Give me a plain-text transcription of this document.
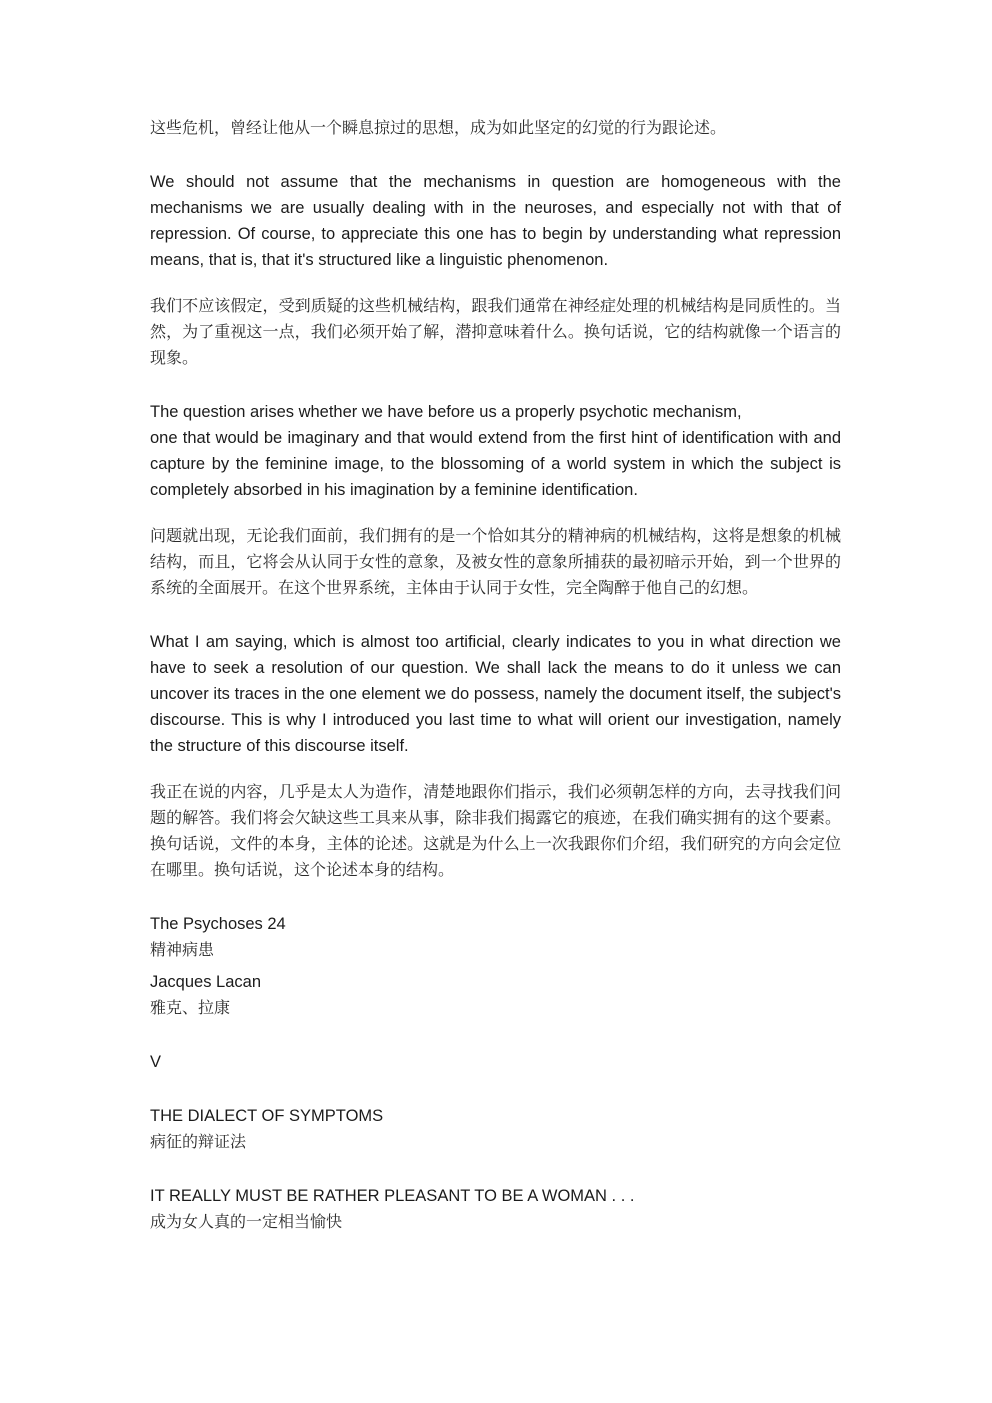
这些危机，曾经让他从一个瞬息掠过的思想，成为如此坚定的幻觉的行为跟论述。

We should not assume that the mechanisms in question are homogeneous with the mechanisms we are usually dealing with in the neuroses, and especially not with that of repression. Of course, to appreciate this one has to begin by understanding what repression means, that is, that it's structured like a linguistic phenomenon.

我们不应该假定，受到质疑的这些机械结构，跟我们通常在神经症处理的机械结构是同质性的。当然，为了重视这一点，我们必须开始了解，潜抑意味着什么。换句话说，它的结构就像一个语言的现象。

The question arises whether we have before us a properly psychotic mechanism,
one that would be imaginary and that would extend from the first hint of identification with and capture by the feminine image, to the blossoming of a world system in which the subject is completely absorbed in his imagination by a feminine identification.

问题就出现，无论我们面前，我们拥有的是一个恰如其分的精神病的机械结构，这将是想象的机械结构，而且，它将会从认同于女性的意象，及被女性的意象所捕获的最初暗示开始，到一个世界的系统的全面展开。在这个世界系统，主体由于认同于女性，完全陶醉于他自己的幻想。

What I am saying, which is almost too artificial, clearly indicates to you in what direction we have to seek a resolution of our question. We shall lack the means to do it unless we can uncover its traces in the one element we do possess, namely the document itself, the subject's discourse. This is why I introduced you last time to what will orient our investigation, namely the structure of this discourse itself.

我正在说的内容，几乎是太人为造作，清楚地跟你们指示，我们必须朝怎样的方向，去寻找我们问题的解答。我们将会欠缺这些工具来从事，除非我们揭露它的痕迹，在我们确实拥有的这个要素。换句话说，文件的本身，主体的论述。这就是为什么上一次我跟你们介绍，我们研究的方向会定位在哪里。换句话说，这个论述本身的结构。

The Psychoses 24

精神病患

Jacques Lacan

雅克、拉康

V

THE DIALECT OF SYMPTOMS

病征的辩证法

IT REALLY MUST BE RATHER PLEASANT TO BE A WOMAN . . .

成为女人真的一定相当愉快
